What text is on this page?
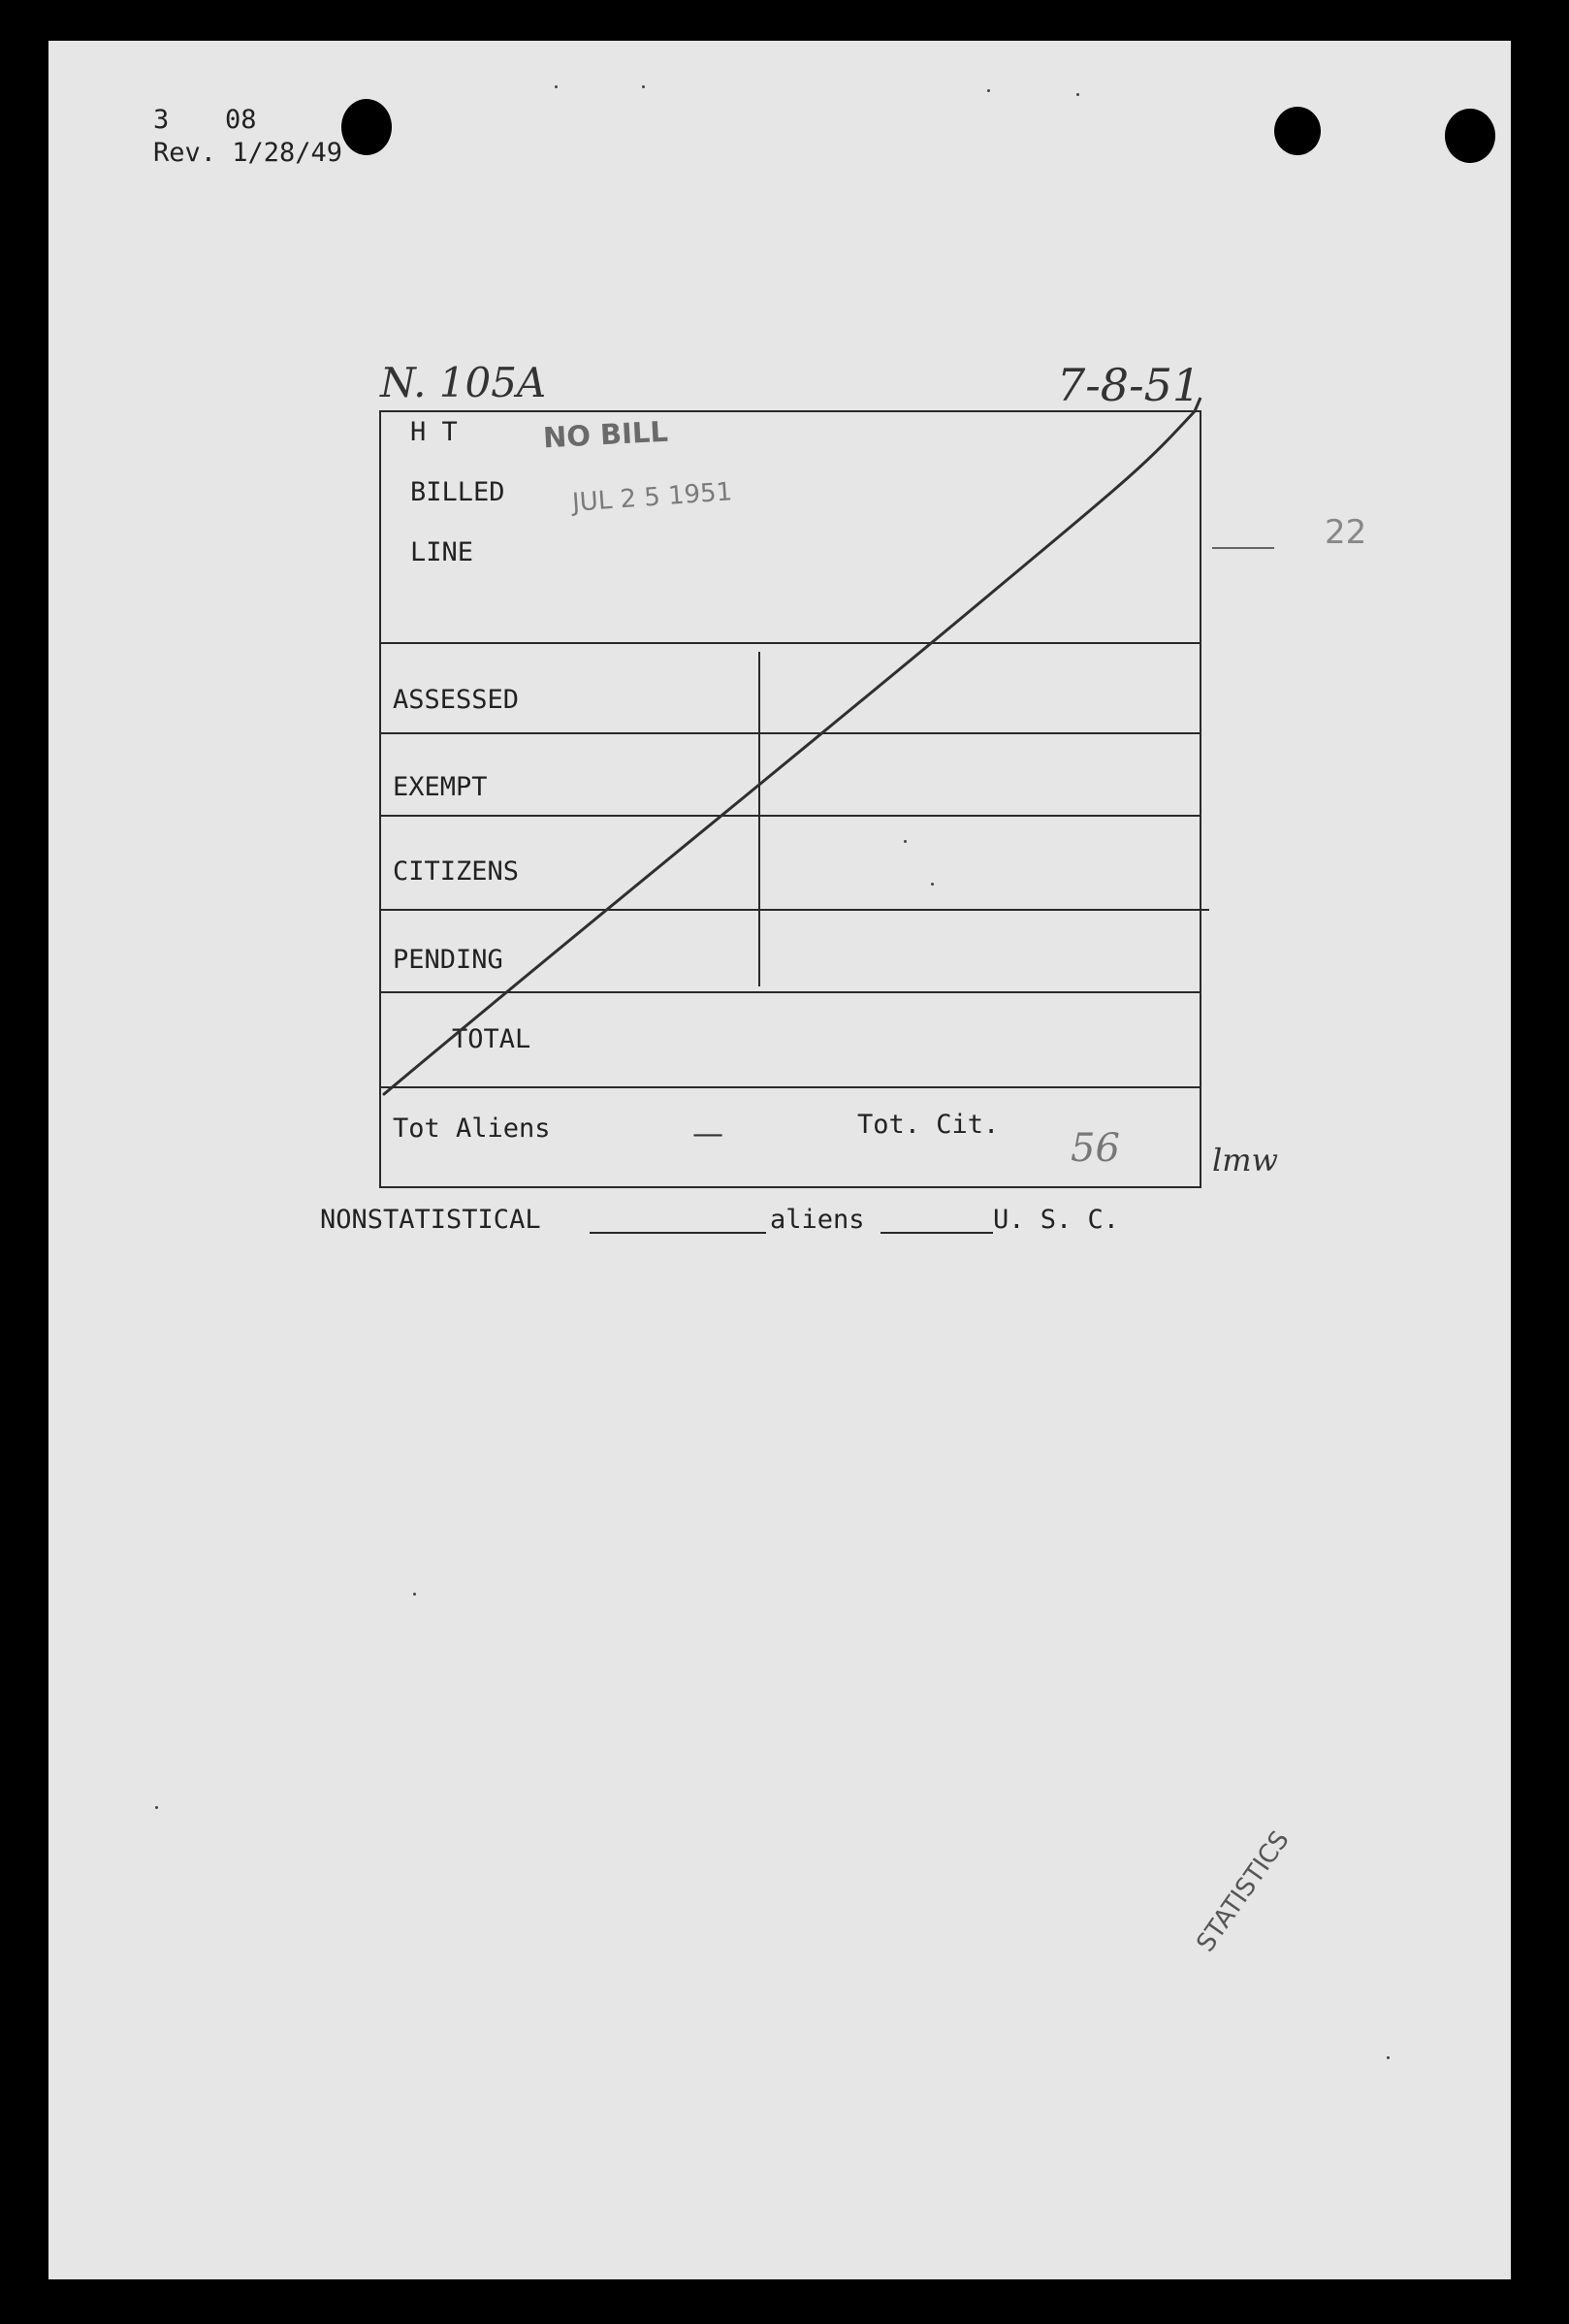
3 08
Rev. 1/28/49
N. 105A	7-8-51
H T
BILLED
LINE
NO BILL
JUL 2 5 1951
22
STATISTICS
ASSESSED
EXEMPT
CITIZENS
PENDING
TOTAL
Tot Aliens	—	Tot. Cit.
56	lmw
NONSTATISTICAL	aliens	U. S. C.
